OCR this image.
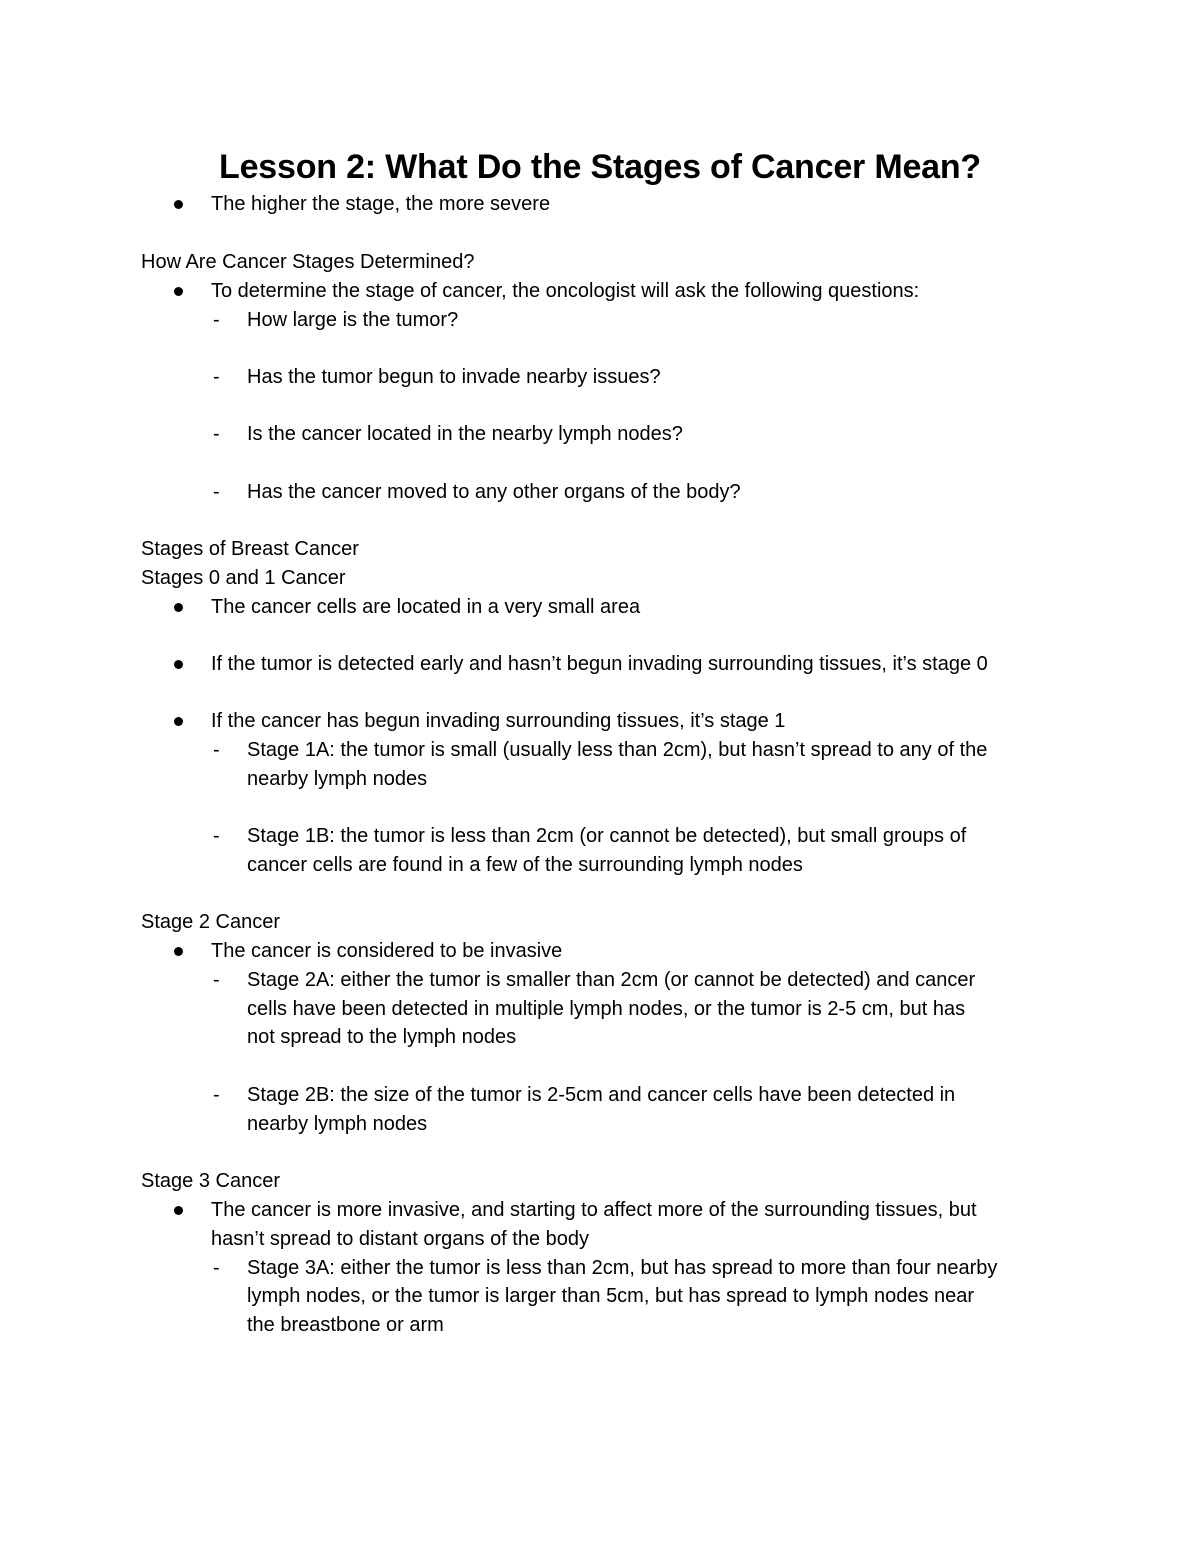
Lesson 2: What Do the Stages of Cancer Mean?
The higher the stage, the more severe
How Are Cancer Stages Determined?
To determine the stage of cancer, the oncologist will ask the following questions:
- How large is the tumor?
- Has the tumor begun to invade nearby issues?
- Is the cancer located in the nearby lymph nodes?
- Has the cancer moved to any other organs of the body?
Stages of Breast Cancer
Stages 0 and 1 Cancer
The cancer cells are located in a very small area
If the tumor is detected early and hasn’t begun invading surrounding tissues, it’s stage 0
If the cancer has begun invading surrounding tissues, it’s stage 1
- Stage 1A: the tumor is small (usually less than 2cm), but hasn’t spread to any of the
nearby lymph nodes
- Stage 1B: the tumor is less than 2cm (or cannot be detected), but small groups of
cancer cells are found in a few of the surrounding lymph nodes
Stage 2 Cancer
The cancer is considered to be invasive
- Stage 2A: either the tumor is smaller than 2cm (or cannot be detected) and cancer
cells have been detected in multiple lymph nodes, or the tumor is 2-5 cm, but has
not spread to the lymph nodes
- Stage 2B: the size of the tumor is 2-5cm and cancer cells have been detected in
nearby lymph nodes
Stage 3 Cancer
The cancer is more invasive, and starting to affect more of the surrounding tissues, but
hasn’t spread to distant organs of the body
- Stage 3A: either the tumor is less than 2cm, but has spread to more than four nearby
lymph nodes, or the tumor is larger than 5cm, but has spread to lymph nodes near
the breastbone or arm
